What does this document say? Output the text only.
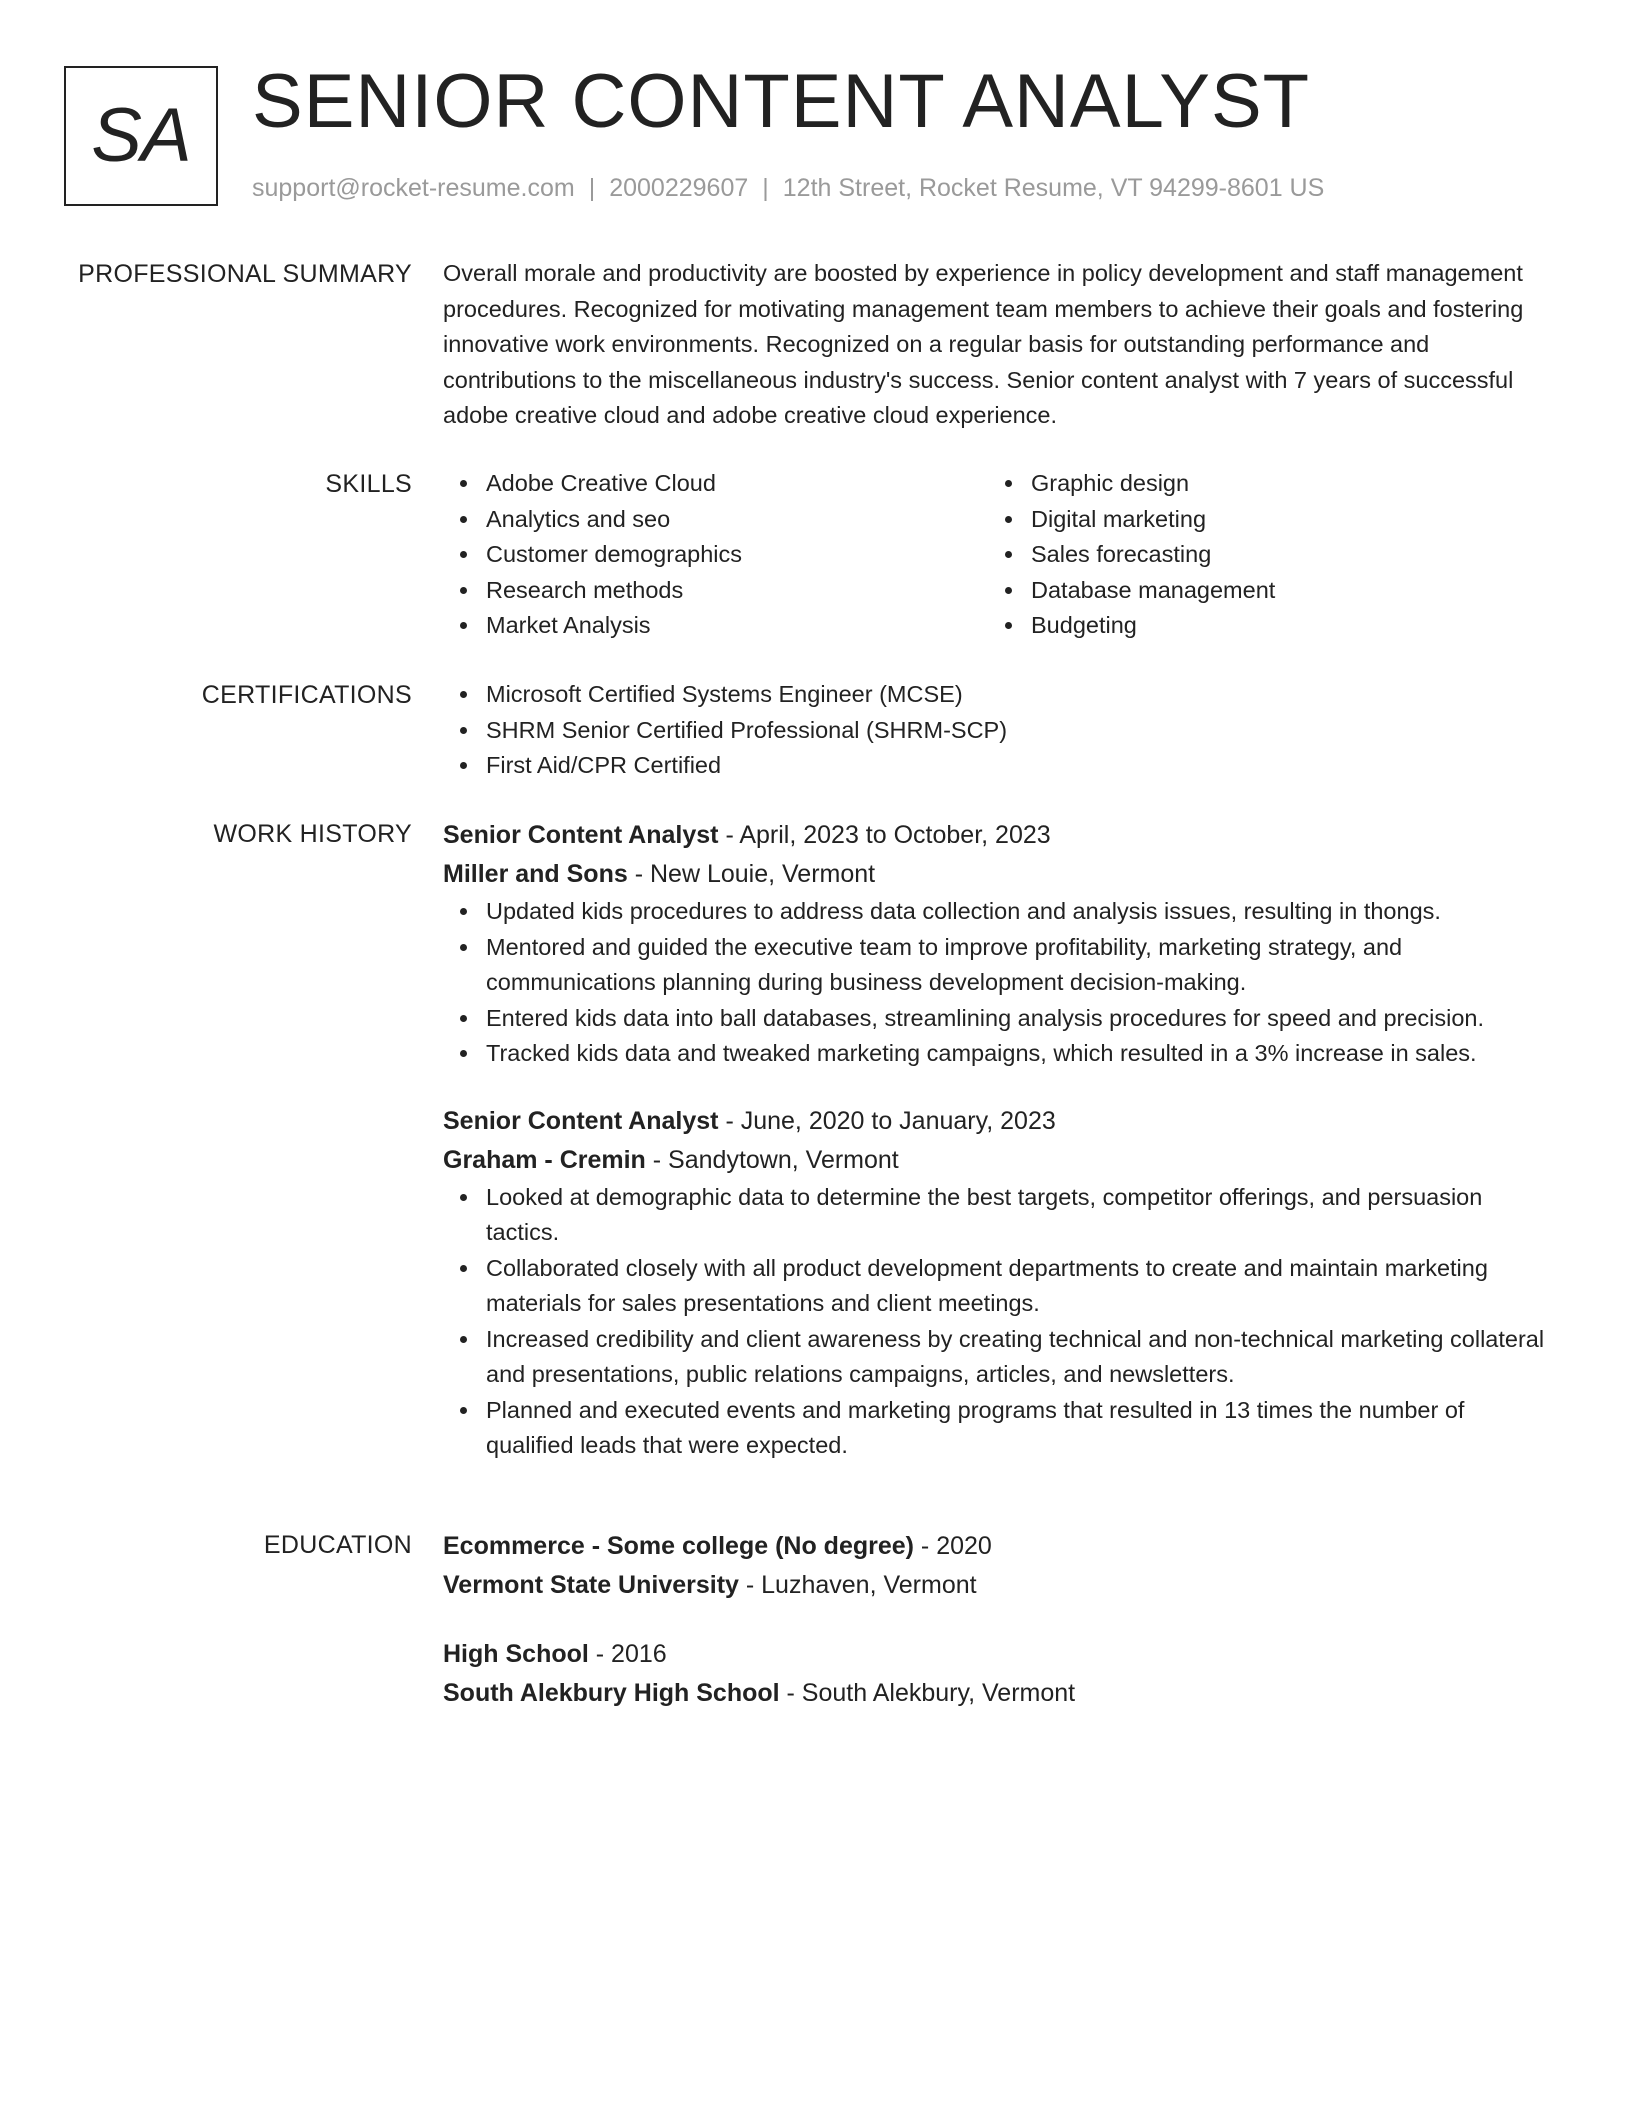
SA SENIOR CONTENT ANALYST
support@rocket-resume.com | 2000229607 | 12th Street, Rocket Resume, VT 94299-8601 US
PROFESSIONAL SUMMARY Overall morale and productivity are boosted by experience in policy development and staff management procedures. Recognized for motivating management team members to achieve their goals and fostering innovative work environments. Recognized on a regular basis for outstanding performance and contributions to the miscellaneous industry's success. Senior content analyst with 7 years of successful adobe creative cloud and adobe creative cloud experience.

SKILLS	Adobe Creative Cloud
Analytics and seo
Customer demographics
Research methods
Market Analysis
Graphic design
Digital marketing
Sales forecasting
Database management
Budgeting
CERTIFICATIONS	Microsoft Certified Systems Engineer (MCSE)
SHRM Senior Certified Professional (SHRM-SCP)
First Aid/CPR Certified
WORK HISTORY Senior Content Analyst - April, 2023 to October, 2023
Miller and Sons - New Louie, Vermont
Updated kids procedures to address data collection and analysis issues, resulting in thongs.
Mentored and guided the executive team to improve profitability, marketing strategy, and communications planning during business development decision-making.
Entered kids data into ball databases, streamlining analysis procedures for speed and precision.
Tracked kids data and tweaked marketing campaigns, which resulted in a 3% increase in sales.
Senior Content Analyst - June, 2020 to January, 2023
Graham - Cremin - Sandytown, Vermont
Looked at demographic data to determine the best targets, competitor offerings, and persuasion tactics.
Collaborated closely with all product development departments to create and maintain marketing materials for sales presentations and client meetings.
Increased credibility and client awareness by creating technical and non-technical marketing collateral and presentations, public relations campaigns, articles, and newsletters.
Planned and executed events and marketing programs that resulted in 13 times the number of qualified leads that were expected.
EDUCATION Ecommerce - Some college (No degree) - 2020
Vermont State University - Luzhaven, Vermont
High School - 2016
South Alekbury High School - South Alekbury, Vermont
